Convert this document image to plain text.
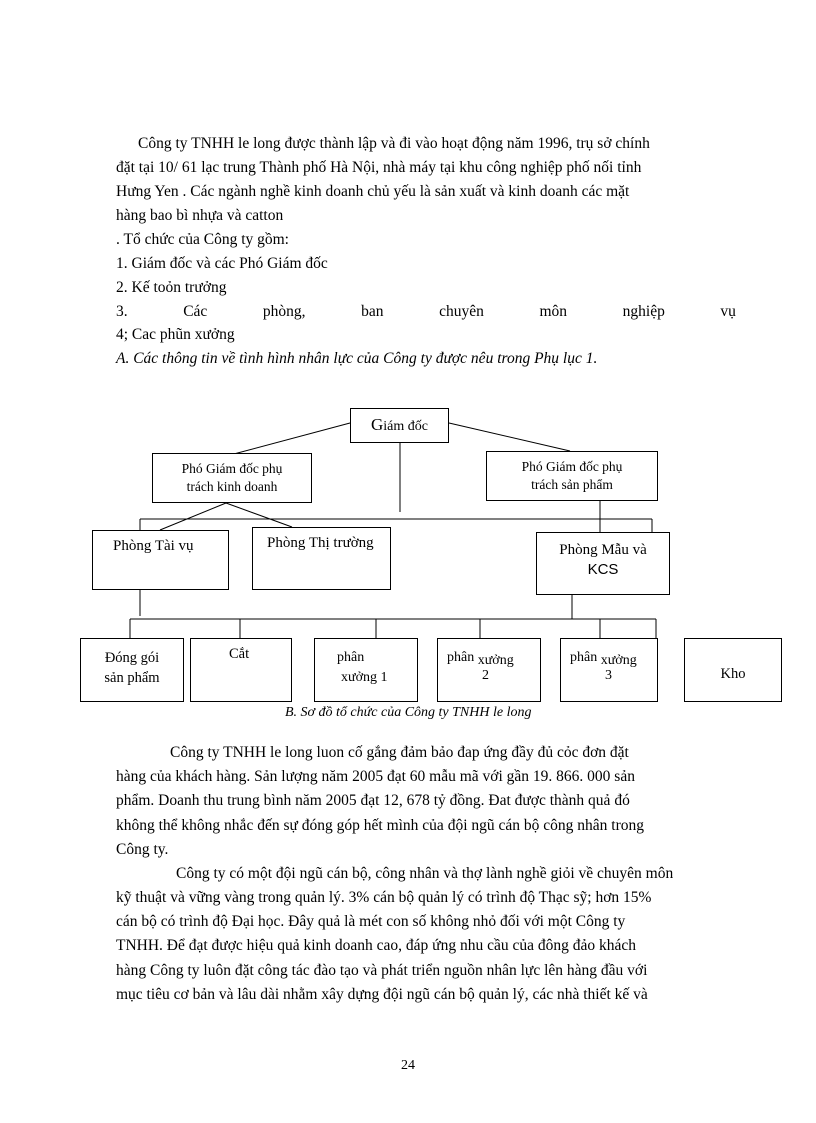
Công ty TNHH le long được thành lập và đi vào hoạt động năm 1996, trụ sở chính
đặt tại 10/ 61 lạc trung Thành phố Hà Nội, nhà máy tại khu công nghiệp phố nối tỉnh
Hưng Yen . Các ngành nghề kinh doanh chủ yếu là sản xuất và kinh doanh các mặt
hàng bao bì nhựa và catton
. Tổ chức của Công ty gồm:
1. Giám đốc và các Phó Giám đốc
2. Kế toỏn trưởng
3.	Các	phòng,	ban	chuyên	môn	nghiệp	vụ
4; Cac phũn xưởng
A. Các thông tin về tình hình nhân lực của Công ty được nêu trong Phụ lục 1.
Giám đốc
Phó Giám đốc phụ
trách kinh doanh
Phó Giám đốc phụ
trách sản phẩm
Phòng Tài vụ	Phòng Thị trường	Phòng Mẫu và
KCS
Đóng gói
sản phẩm
Cắt	phân
xưởng 1
phân xưởng
2
phân xưởng
3	Kho
B. Sơ đồ tổ chức của Công ty TNHH le long
Công ty TNHH le long luon cố gắng đảm bảo đap ứng đầy đủ cỏc đơn đặt
hàng của khách hàng. Sản lượng năm 2005 đạt 60 mẫu mã với gần 19. 866. 000 sản
phẩm. Doanh thu trung bình năm 2005 đạt 12, 678 tỷ đồng. Đat được thành quả đó
không thể không nhắc đến sự đóng góp hết mình của đội ngũ cán bộ công nhân trong
Công ty.
Công ty có một đội ngũ cán bộ, công nhân và thợ lành nghề giỏi về chuyên môn
kỹ thuật và vững vàng trong quản lý. 3% cán bộ quản lý có trình độ Thạc sỹ; hơn 15%
cán bộ có trình độ Đại học. Đây quả là mét con số không nhỏ đối với một Công ty
TNHH. Để đạt được hiệu quả kinh doanh cao, đáp ứng nhu cầu của đông đảo khách
hàng Công ty luôn đặt công tác đào tạo và phát triển nguồn nhân lực lên hàng đầu với
mục tiêu cơ bản và lâu dài nhằm xây dựng đội ngũ cán bộ quản lý, các nhà thiết kế và
24
